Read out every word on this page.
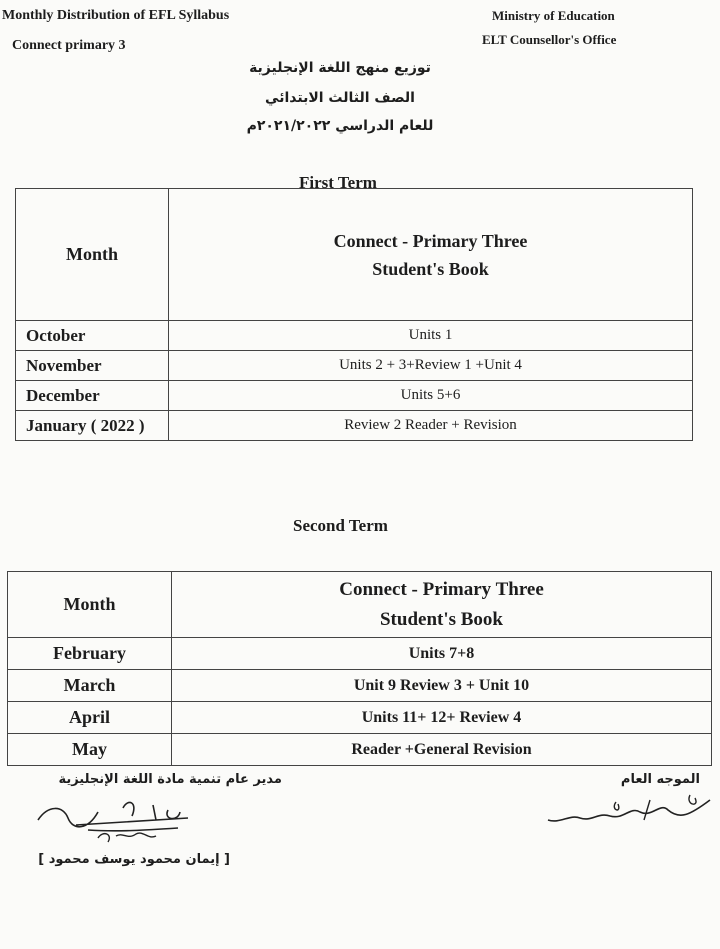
Monthly Distribution of EFL Syllabus
Connect primary 3
Ministry of Education
ELT Counsellor's Office
توزيع منهج اللغة الإنجليزية
الصف الثالث الابتدائي
للعام الدراسي ٢٠٢١/٢٠٢٢م
First Term
Month	Connect - Primary Three
Student's Book

October	Units 1
November	Units 2 + 3+Review 1 +Unit 4
December	Units 5+6
January ( 2022 )	Review 2 Reader + Revision
Second Term
Month	Connect - Primary Three
Student's Book

February	Units 7+8
March	Unit 9 Review 3 + Unit 10
April	Units 11+ 12+ Review 4
May	Reader +General Revision
مدير عام تنمية مادة اللغة الإنجليزية
[ إيمان محمود يوسف محمود ]
الموجه العام
